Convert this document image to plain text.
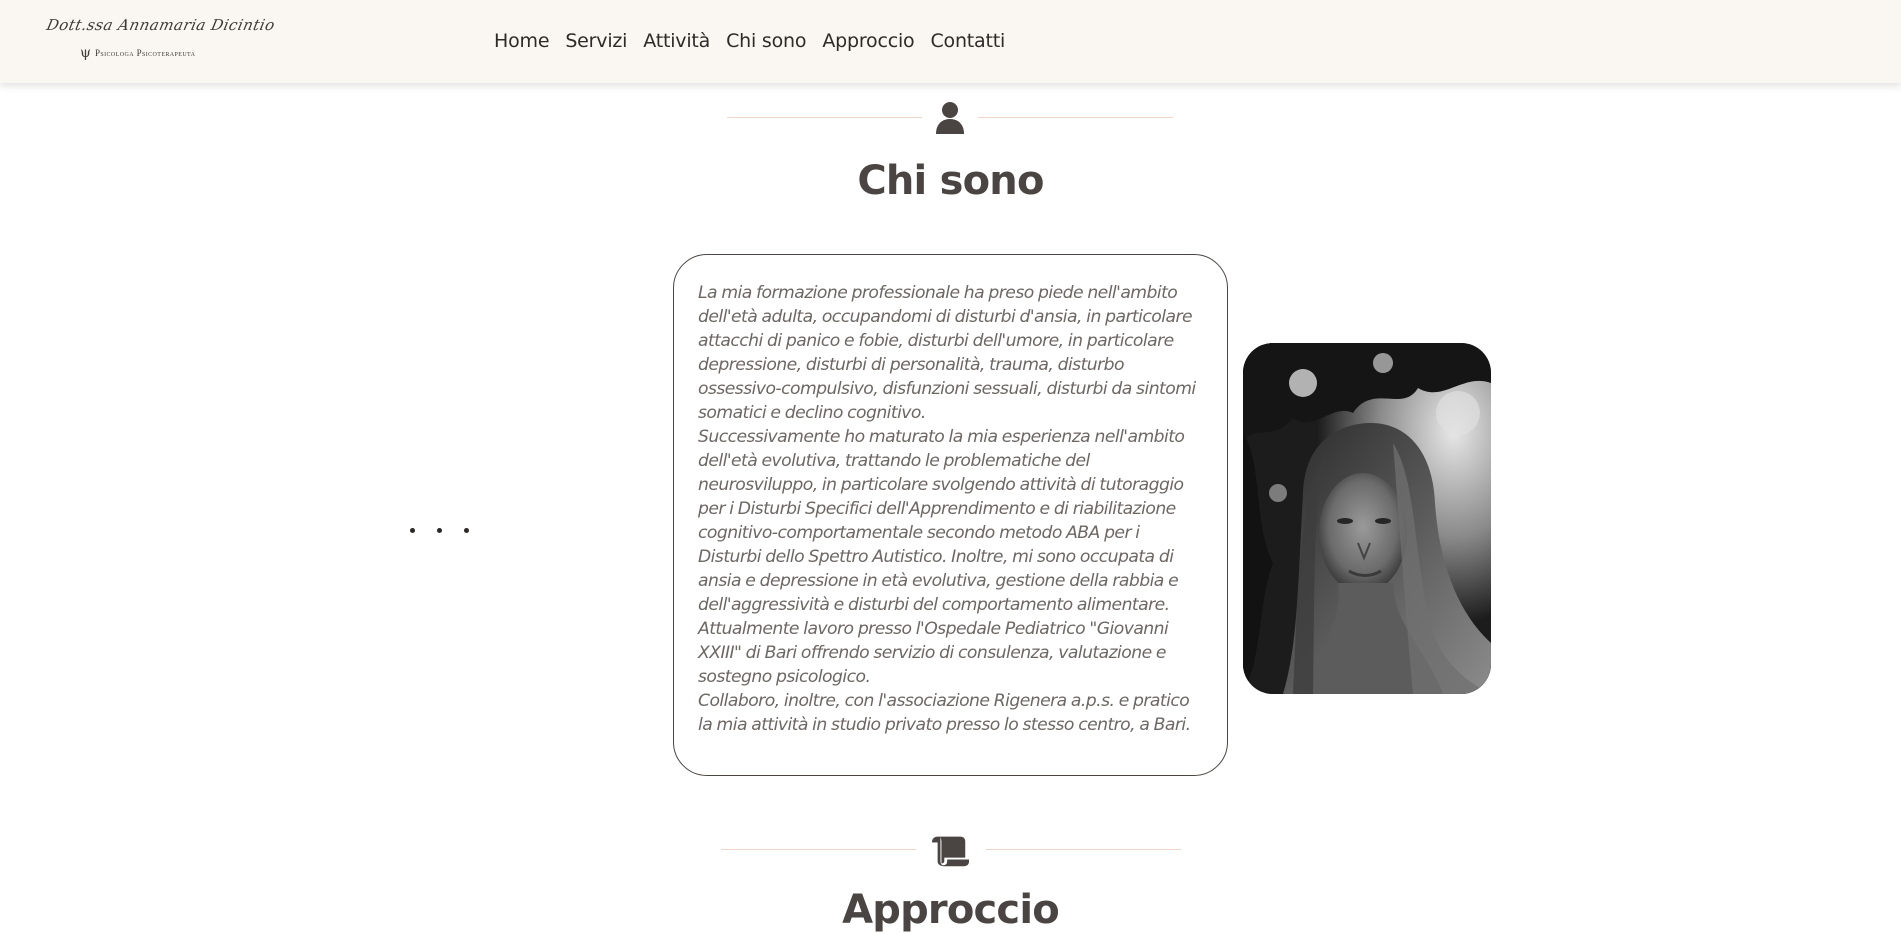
Dott.ssa Annamaria Dicintio
ψ Psicologa Psicoterapeuta
Home Servizi Attività Chi sono Approccio Contatti
Chi sono

La mia formazione professionale ha preso piede nell'ambito dell'età adulta, occupandomi di disturbi d'ansia, in particolare attacchi di panico e fobie, disturbi dell'umore, in particolare depressione, disturbi di personalità, trauma, disturbo ossessivo-compulsivo, disfunzioni sessuali, disturbi da sintomi somatici e declino cognitivo.

Successivamente ho maturato la mia esperienza nell'ambito dell'età evolutiva, trattando le problematiche del neurosviluppo, in particolare svolgendo attività di tutoraggio per i Disturbi Specifici dell'Apprendimento e di riabilitazione cognitivo-comportamentale secondo metodo ABA per i Disturbi dello Spettro Autistico. Inoltre, mi sono occupata di ansia e depressione in età evolutiva, gestione della rabbia e dell'aggressività e disturbi del comportamento alimentare.

Attualmente lavoro presso l'Ospedale Pediatrico "Giovanni XXIII" di Bari offrendo servizio di consulenza, valutazione e sostegno psicologico.

Collaboro, inoltre, con l'associazione Rigenera a.p.s. e pratico la mia attività in studio privato presso lo stesso centro, a Bari.

Approccio
